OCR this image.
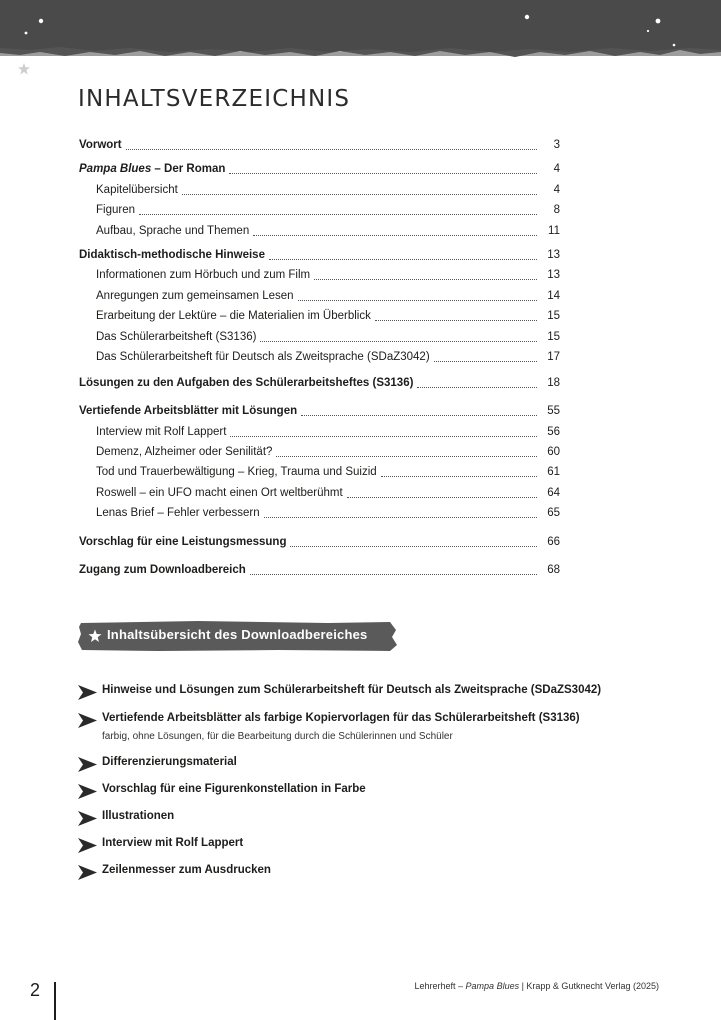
INHALTSVERZEICHNIS
Vorwort	3
Pampa Blues – Der Roman	4
Kapitelübersicht	4
Figuren	8
Aufbau, Sprache und Themen	11
Didaktisch-methodische Hinweise	13
Informationen zum Hörbuch und zum Film	13
Anregungen zum gemeinsamen Lesen	14
Erarbeitung der Lektüre – die Materialien im Überblick	15
Das Schülerarbeitsheft (S3136)	15
Das Schülerarbeitsheft für Deutsch als Zweitsprache (SDaZ3042)	17
Lösungen zu den Aufgaben des Schülerarbeitsheftes (S3136)	18
Vertiefende Arbeitsblätter mit Lösungen	55
Interview mit Rolf Lappert	56
Demenz, Alzheimer oder Senilität?	60
Tod und Trauerbewältigung – Krieg, Trauma und Suizid	61
Roswell – ein UFO macht einen Ort weltberühmt	64
Lenas Brief – Fehler verbessern	65
Vorschlag für eine Leistungsmessung	66
Zugang zum Downloadbereich	68
Inhaltsübersicht des Downloadbereiches
Hinweise und Lösungen zum Schülerarbeitsheft für Deutsch als Zweitsprache (SDaZS3042)
Vertiefende Arbeitsblätter als farbige Kopiervorlagen für das Schülerarbeitsheft (S3136)
farbig, ohne Lösungen, für die Bearbeitung durch die Schülerinnen und Schüler
Differenzierungsmaterial
Vorschlag für eine Figurenkonstellation in Farbe
Illustrationen
Interview mit Rolf Lappert
Zeilenmesser zum Ausdrucken
2	Lehrerheft – Pampa Blues | Krapp & Gutknecht Verlag (2025)
